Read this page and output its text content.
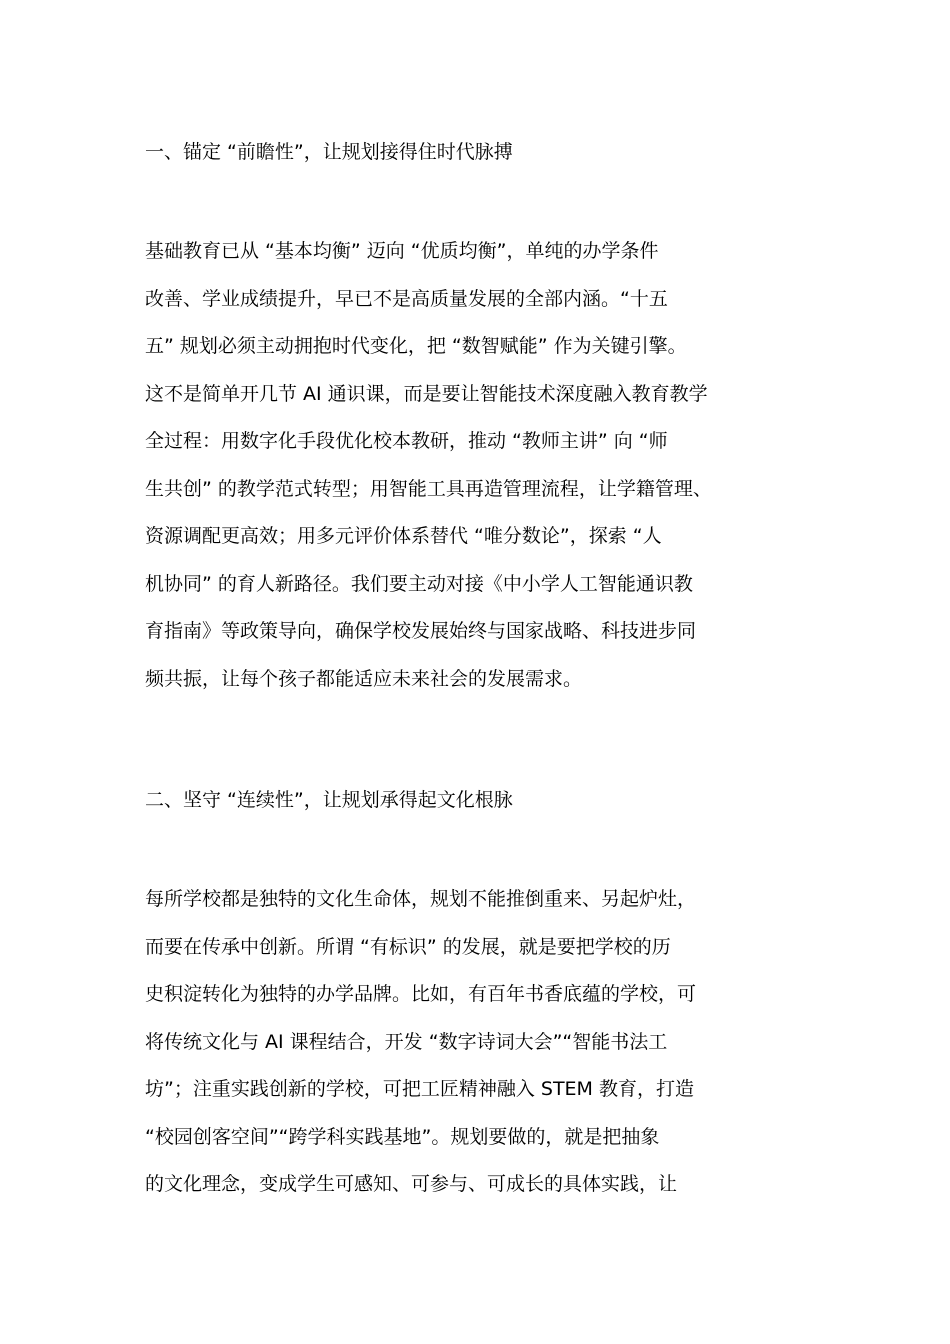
一、锚定 “前瞻性”，让规划接得住时代脉搏
基础教育已从 “基本均衡” 迈向 “优质均衡”，单纯的办学条件
改善、学业成绩提升，早已不是高质量发展的全部内涵。“十五
五” 规划必须主动拥抱时代变化，把 “数智赋能” 作为关键引擎。
这不是简单开几节 AI 通识课，而是要让智能技术深度融入教育教学
全过程：用数字化手段优化校本教研，推动 “教师主讲” 向 “师
生共创” 的教学范式转型；用智能工具再造管理流程，让学籍管理、
资源调配更高效；用多元评价体系替代 “唯分数论”，探索 “人
机协同” 的育人新路径。我们要主动对接《中小学人工智能通识教
育指南》等政策导向，确保学校发展始终与国家战略、科技进步同
频共振，让每个孩子都能适应未来社会的发展需求。
二、坚守 “连续性”，让规划承得起文化根脉
每所学校都是独特的文化生命体，规划不能推倒重来、另起炉灶，
而要在传承中创新。所谓 “有标识” 的发展，就是要把学校的历
史积淀转化为独特的办学品牌。比如，有百年书香底蕴的学校，可
将传统文化与 AI 课程结合，开发 “数字诗词大会”“智能书法工
坊”；注重实践创新的学校，可把工匠精神融入 STEM 教育，打造
“校园创客空间”“跨学科实践基地”。规划要做的，就是把抽象
的文化理念，变成学生可感知、可参与、可成长的具体实践，让
